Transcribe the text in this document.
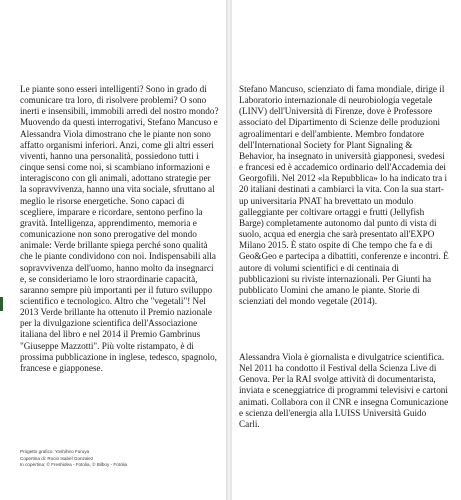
Le piante sono esseri intelligenti? Sono in grado di comunicare tra loro, di risolvere problemi? O sono inerti e insensibili, immobili arredi del nostro mondo? Muovendo da questi interrogativi, Stefano Mancuso e Alessandra Viola dimostrano che le piante non sono affatto organismi inferiori. Anzi, come gli altri esseri viventi, hanno una personalità, possiedono tutti i cinque sensi come noi, si scambiano informazioni e interagiscono con gli animali, adottano strategie per la sopravvivenza, hanno una vita sociale, sfruttano al meglio le risorse energetiche. Sono capaci di scegliere, imparare e ricordare, sentono perfino la gravità. Intelligenza, apprendimento, memoria e comunicazione non sono prerogative del mondo animale: Verde brillante spiega perché sono qualità che le piante condividono con noi. Indispensabili alla sopravvivenza dell'uomo, hanno molto da insegnarci e, se consideriamo le loro straordinarie capacità, saranno sempre più importanti per il futuro sviluppo scientifico e tecnologico. Altro che "vegetali"! Nel 2013 Verde brillante ha ottenuto il Premio nazionale per la divulgazione scientifica dell'Associazione italiana del libro e nel 2014 il Premio Gambrinus "Giuseppe Mazzotti". Più volte ristampato, è di prossima pubblicazione in inglese, tedesco, spagnolo, francese e giapponese.

Progetto grafico: Yoshihiro Furuya

Copertina di: Rocio Isabel Gonzalez

In copertina: © Freshidea - Fotolia, © Bilboy - Fotolia

Stefano Mancuso, scienziato di fama mondiale, dirige il Laboratorio internazionale di neurobiologia vegetale (LINV) dell'Università di Firenze, dove è Professore associato del Dipartimento di Scienze delle produzioni agroalimentari e dell'ambiente. Membro fondatore dell'International Society for Plant Signaling & Behavior, ha insegnato in università giapponesi, svedesi e francesi ed è accademico ordinario dell'Accademia dei Georgofili. Nel 2012 «la Repubblica» lo ha indicato tra i 20 italiani destinati a cambiarci la vita. Con la sua start-up universitaria PNAT ha brevettato un modulo galleggiante per coltivare ortaggi e frutti (Jellyfish Barge) completamente autonomo dal punto di vista di suolo, acqua ed energia che sarà presentato all'EXPO Milano 2015. È stato ospite di Che tempo che fa e di Geo&Geo e partecipa a dibattiti, conferenze e incontri. È autore di volumi scientifici e di centinaia di pubblicazioni su riviste internazionali. Per Giunti ha pubblicato Uomini che amano le piante. Storie di scienziati del mondo vegetale (2014).

Alessandra Viola è giornalista e divulgatrice scientifica. Nel 2011 ha condotto il Festival della Scienza Live di Genova. Per la RAI svolge attività di documentarista, inviata e sceneggiatrice di programmi televisivi e cartoni animati. Collabora con il CNR e insegna Comunicazione e scienza dell'energia alla LUISS Università Guido Carli.
